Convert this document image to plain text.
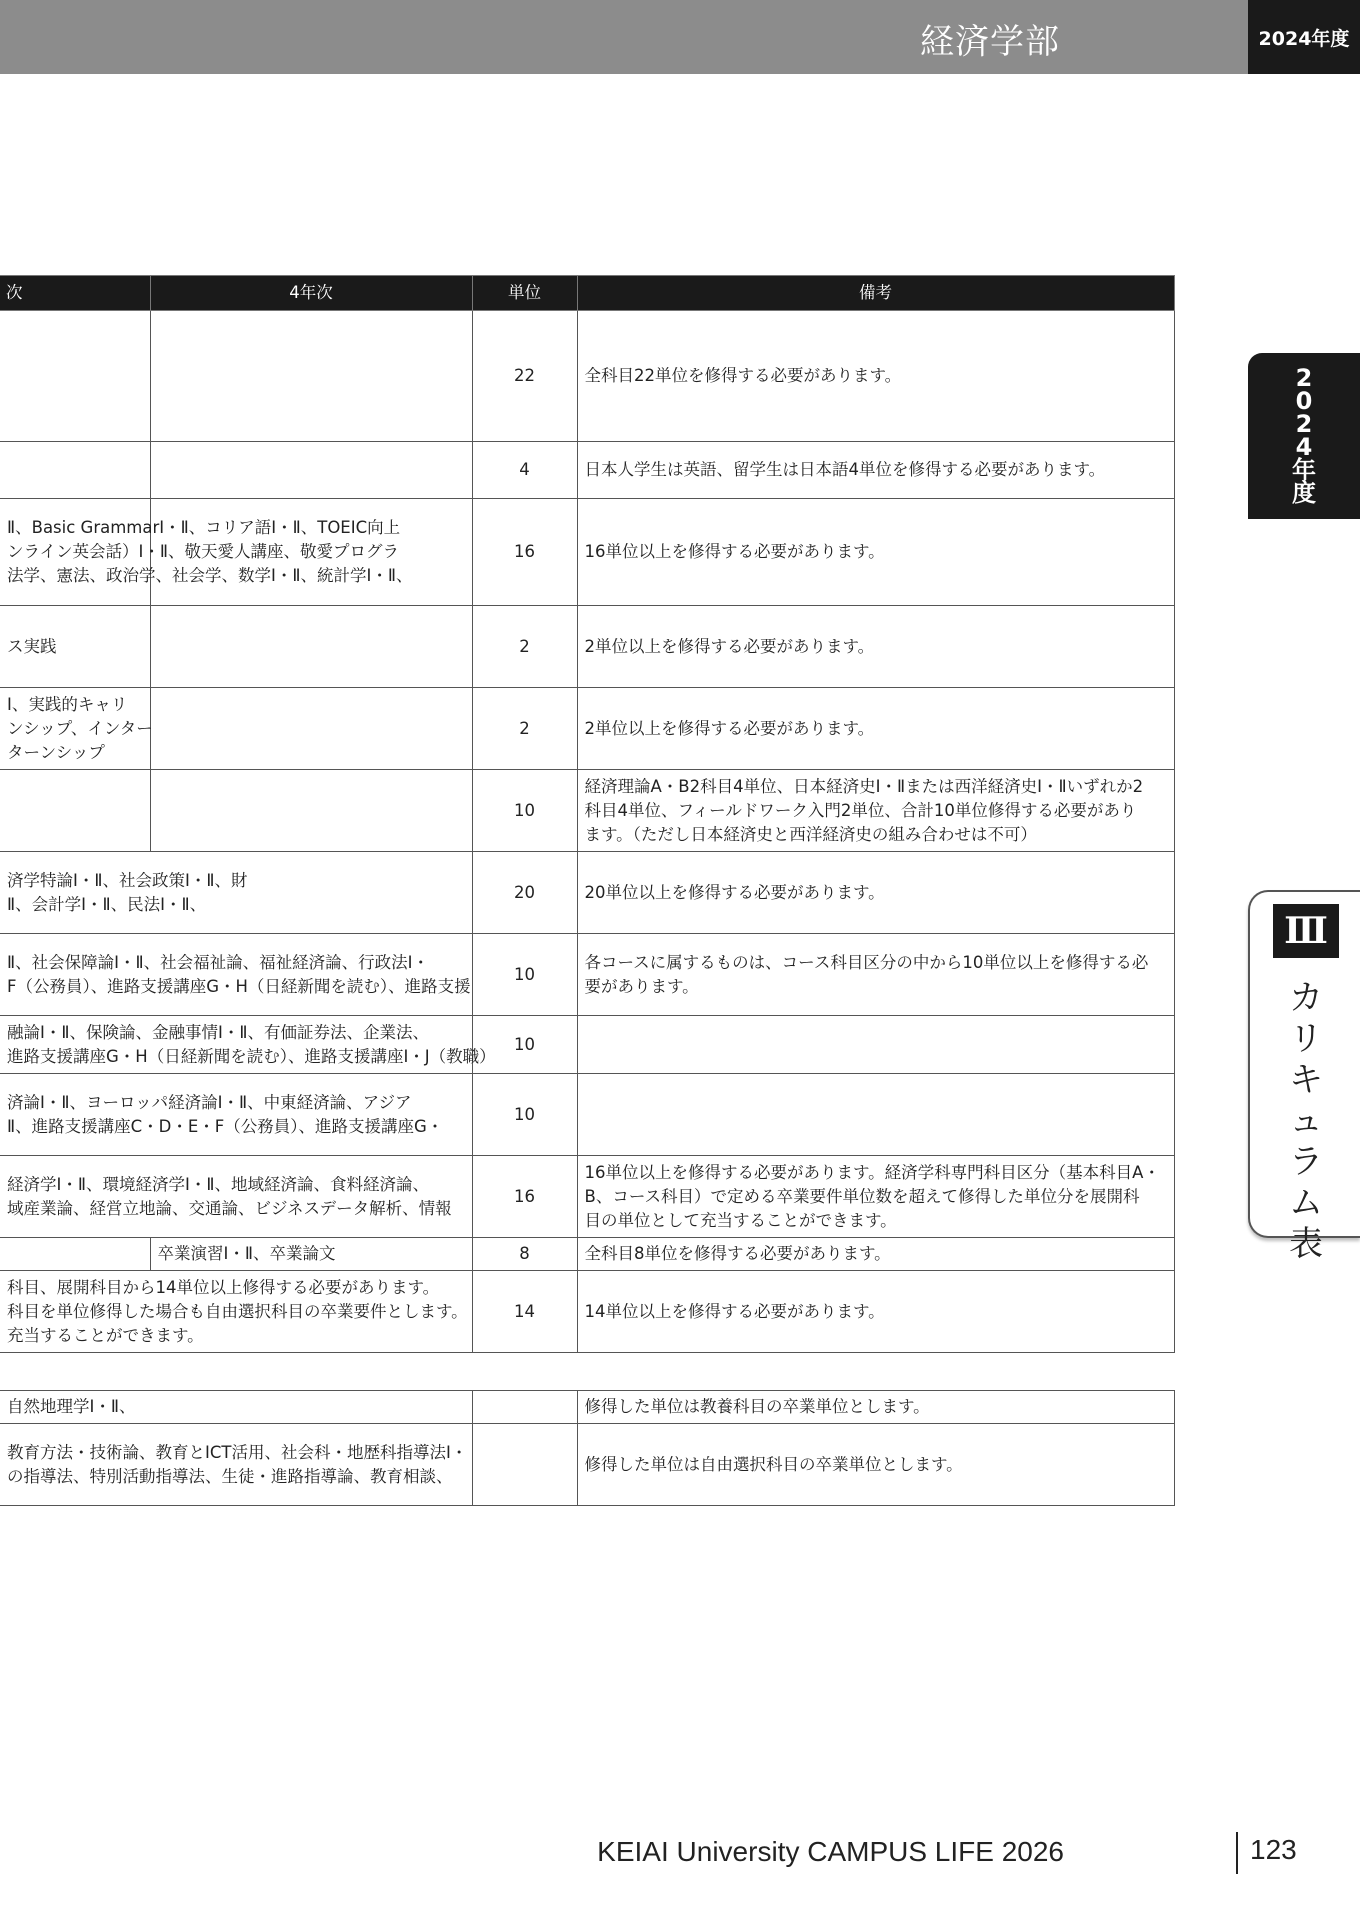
経済学部	2024年度
2
0
2
4
年
度
Ⅲ
カ
リ
キ
ュ
ラ
ム
表
次	4年次	単位	備考
		22	全科目22単位を修得する必要があります。
		4	日本人学生は英語、留学生は日本語4単位を修得する必要があります。
Ⅱ、Basic GrammarⅠ・Ⅱ、コリア語Ⅰ・Ⅱ、TOEIC向上
ンライン英会話）Ⅰ・Ⅱ、敬天愛人講座、敬愛プログラ
法学、憲法、政治学、社会学、数学Ⅰ・Ⅱ、統計学Ⅰ・Ⅱ、		16	16単位以上を修得する必要があります。
ス実践		2	2単位以上を修得する必要があります。
Ⅰ、実践的キャリ
ンシップ、インター
ターンシップ		2	2単位以上を修得する必要があります。
		10	経済理論A・B2科目4単位、日本経済史Ⅰ・Ⅱまたは西洋経済史Ⅰ・Ⅱいずれか2
科目4単位、フィールドワーク入門2単位、合計10単位修得する必要があり
ます。（ただし日本経済史と西洋経済史の組み合わせは不可）
済学特論Ⅰ・Ⅱ、社会政策Ⅰ・Ⅱ、財
Ⅱ、会計学Ⅰ・Ⅱ、民法Ⅰ・Ⅱ、		20	20単位以上を修得する必要があります。
Ⅱ、社会保障論Ⅰ・Ⅱ、社会福祉論、福祉経済論、行政法Ⅰ・
F（公務員）、進路支援講座G・H（日経新聞を読む）、進路支援		10	各コースに属するものは、コース科目区分の中から10単位以上を修得する必
要があります。
融論Ⅰ・Ⅱ、保険論、金融事情Ⅰ・Ⅱ、有価証券法、企業法、
進路支援講座G・H（日経新聞を読む）、進路支援講座Ⅰ・J（教職）		10	
済論Ⅰ・Ⅱ、ヨーロッパ経済論Ⅰ・Ⅱ、中東経済論、アジア
Ⅱ、進路支援講座C・D・E・F（公務員）、進路支援講座G・		10	
経済学Ⅰ・Ⅱ、環境経済学Ⅰ・Ⅱ、地域経済論、食料経済論、
域産業論、経営立地論、交通論、ビジネスデータ解析、情報		16	16単位以上を修得する必要があります。経済学科専門科目区分（基本科目A・
B、コース科目）で定める卒業要件単位数を超えて修得した単位分を展開科
目の単位として充当することができます。
	卒業演習Ⅰ・Ⅱ、卒業論文	8	全科目8単位を修得する必要があります。
科目、展開科目から14単位以上修得する必要があります。
科目を単位修得した場合も自由選択科目の卒業要件とします。
充当することができます。		14	14単位以上を修得する必要があります。
自然地理学Ⅰ・Ⅱ、		修得した単位は教養科目の卒業単位とします。
教育方法・技術論、教育とICT活用、社会科・地歴科指導法Ⅰ・
の指導法、特別活動指導法、生徒・進路指導論、教育相談、		修得した単位は自由選択科目の卒業単位とします。
KEIAI University CAMPUS LIFE 2026	123
